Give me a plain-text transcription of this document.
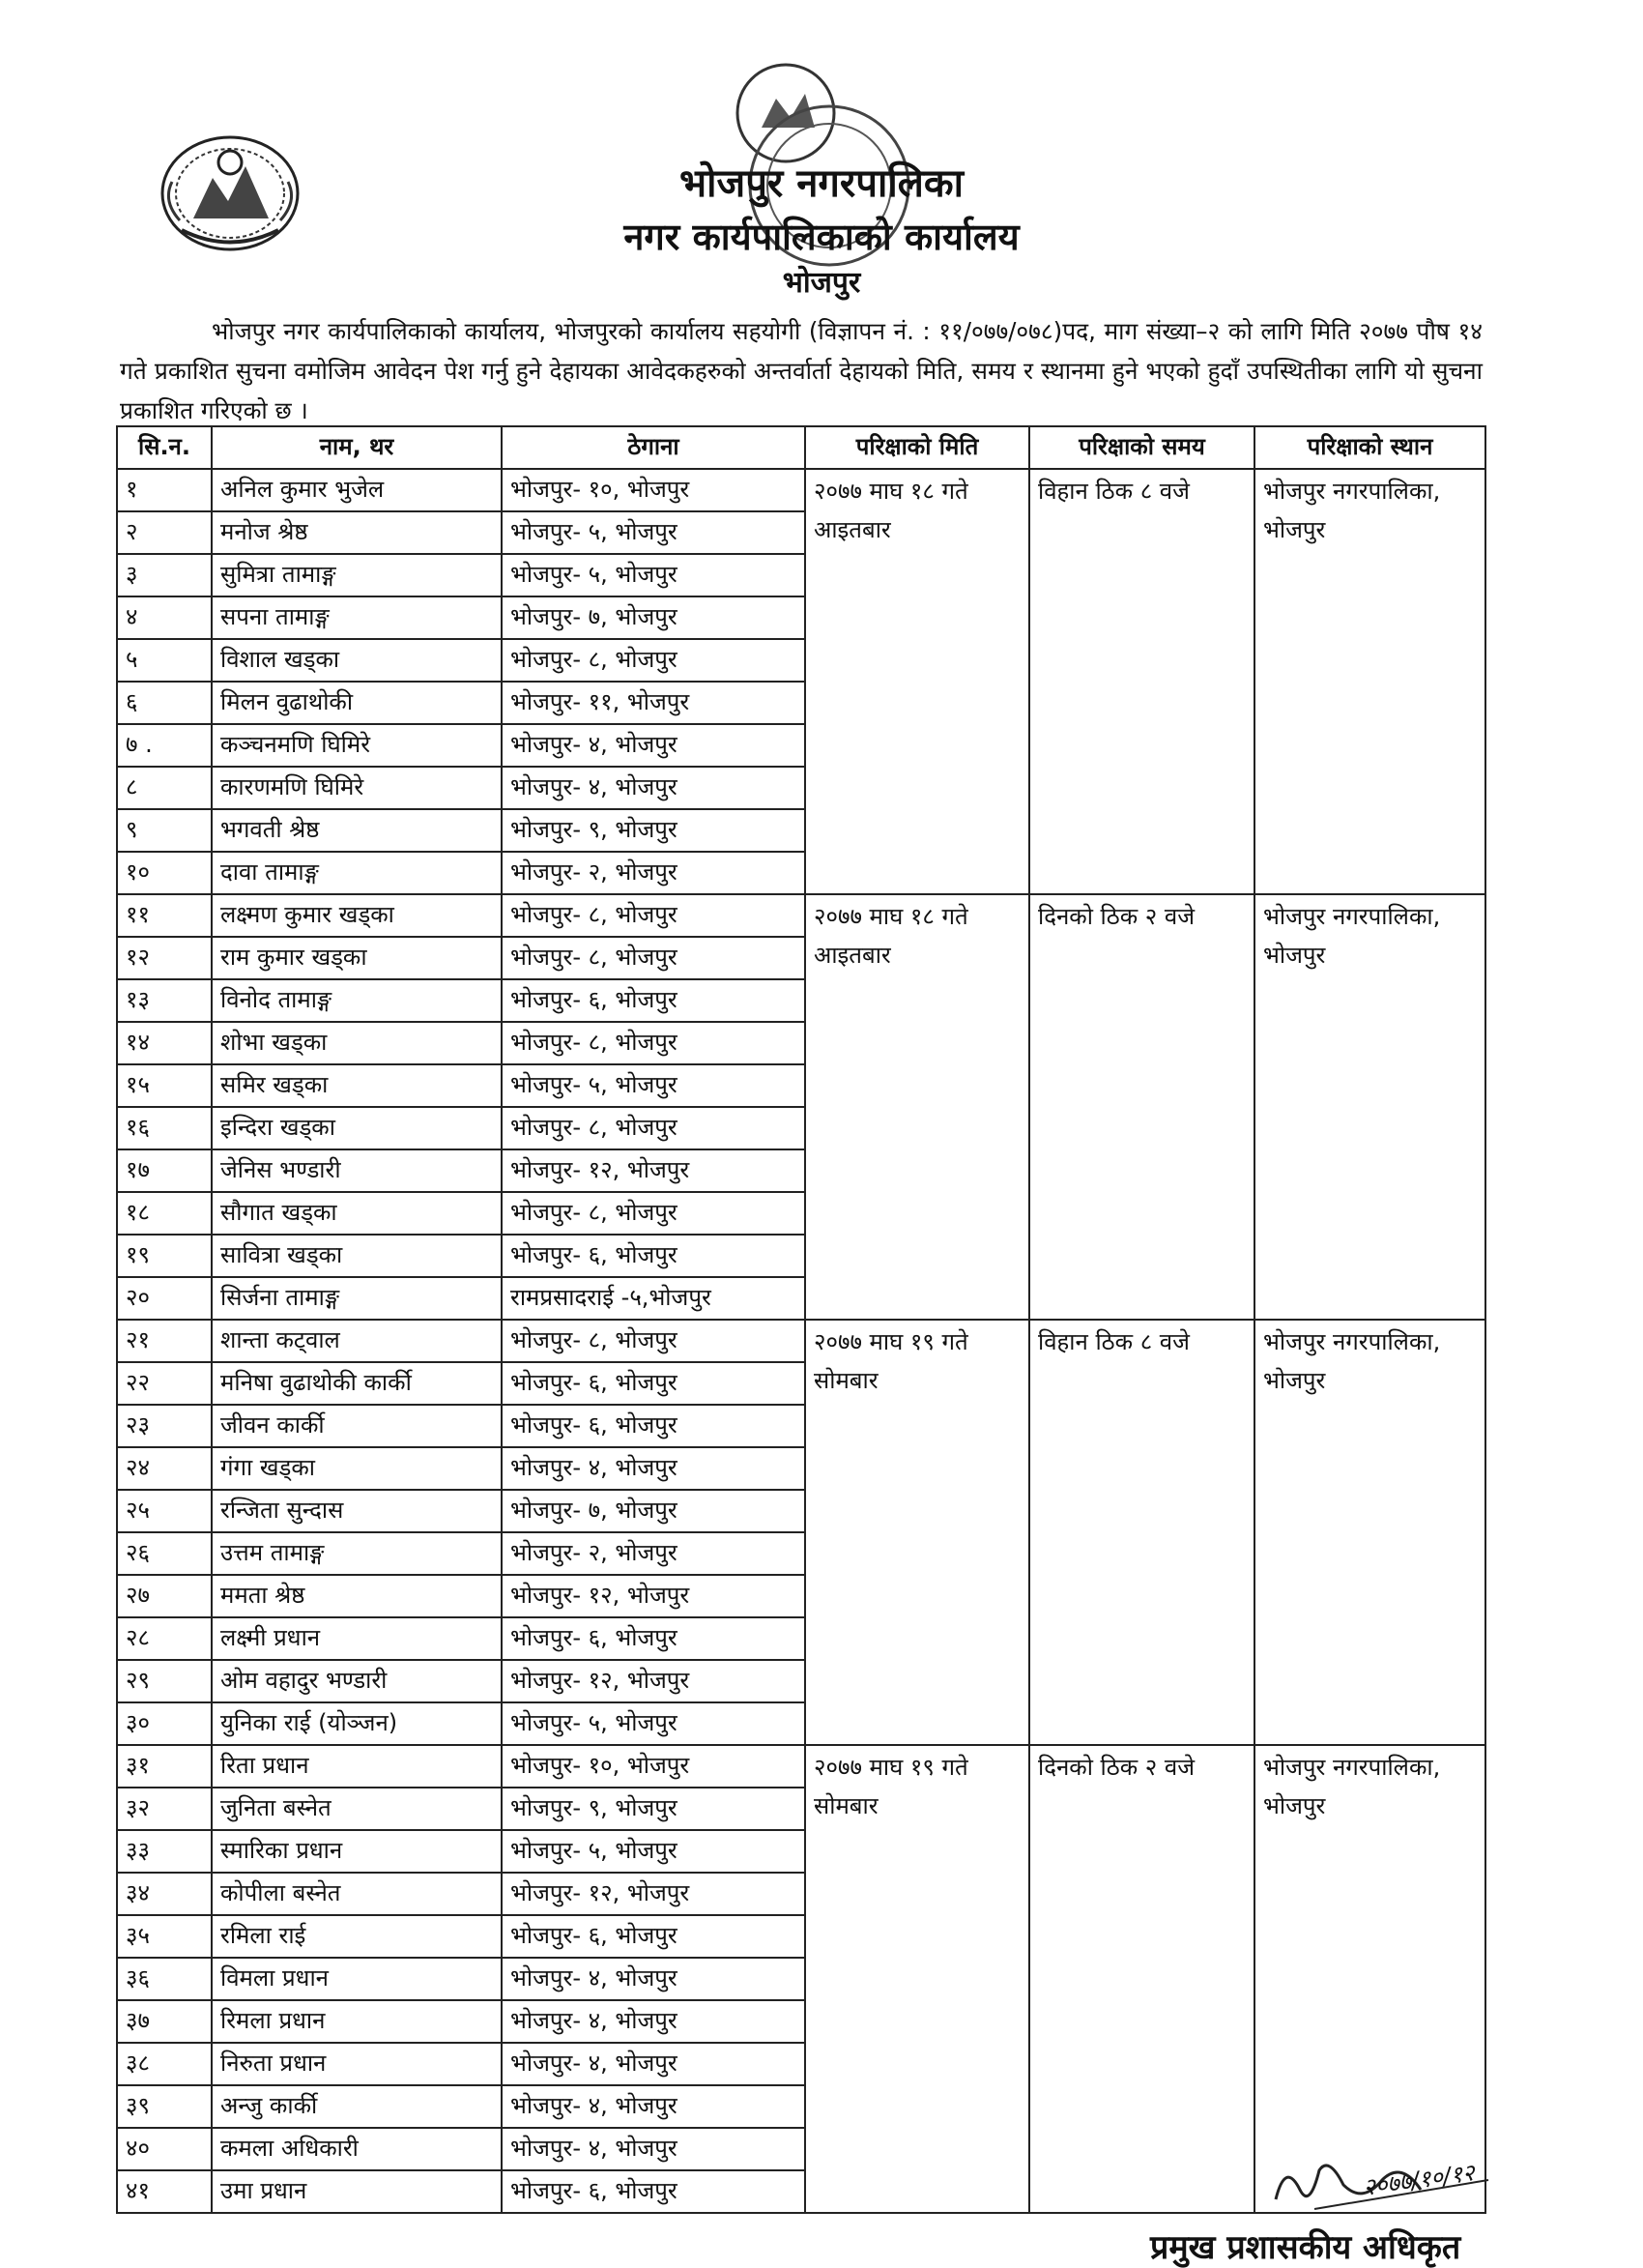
भोजपुर नगरपालिका
नगर कार्यपालिकाको कार्यालय
भोजपुर
भोजपुर नगर कार्यपालिकाको कार्यालय, भोजपुरको कार्यालय सहयोगी (विज्ञापन नं. : ११/०७७/०७८)पद, माग संख्या–२ को लागि मिति २०७७ पौष १४ गते प्रकाशित सुचना वमोजिम आवेदन पेश गर्नु हुने देहायका आवेदकहरुको अन्तर्वार्ता देहायको मिति, समय र स्थानमा हुने भएको हुदाँ उपस्थितीका लागि यो सुचना प्रकाशित गरिएको छ ।
सि.न.	नाम, थर	ठेगाना	परिक्षाको मिति	परिक्षाको समय	परिक्षाको स्थान
१	अनिल कुमार भुजेल	भोजपुर- १०, भोजपुर	२०७७ माघ १८ गते आइतबार	विहान ठिक ८ वजे	भोजपुर नगरपालिका, भोजपुर
२	मनोज श्रेष्ठ	भोजपुर- ५, भोजपुर			
३	सुमित्रा तामाङ्ग	भोजपुर- ५, भोजपुर			
४	सपना तामाङ्ग	भोजपुर- ७, भोजपुर			
५	विशाल खड्का	भोजपुर- ८, भोजपुर			
६	मिलन वुढाथोकी	भोजपुर- ११, भोजपुर			
७ .	कञ्चनमणि घिमिरे	भोजपुर- ४, भोजपुर			
८	कारणमणि घिमिरे	भोजपुर- ४, भोजपुर			
९	भगवती श्रेष्ठ	भोजपुर- ९, भोजपुर			
१०	दावा तामाङ्ग	भोजपुर- २, भोजपुर			
११	लक्ष्मण कुमार खड्का	भोजपुर- ८, भोजपुर	२०७७ माघ १८ गते आइतबार	दिनको ठिक २ वजे	भोजपुर नगरपालिका, भोजपुर
१२	राम कुमार खड्का	भोजपुर- ८, भोजपुर			
१३	विनोद तामाङ्ग	भोजपुर- ६, भोजपुर			
१४	शोभा खड्का	भोजपुर- ८, भोजपुर			
१५	समिर खड्का	भोजपुर- ५, भोजपुर			
१६	इन्दिरा खड्का	भोजपुर- ८, भोजपुर			
१७	जेनिस भण्डारी	भोजपुर- १२, भोजपुर			
१८	सौगात खड्का	भोजपुर- ८, भोजपुर			
१९	सावित्रा खड्का	भोजपुर- ६, भोजपुर			
२०	सिर्जना तामाङ्ग	रामप्रसादराई -५,भोजपुर			
२१	शान्ता कट्वाल	भोजपुर- ८, भोजपुर	२०७७ माघ १९ गते सोमबार	विहान ठिक ८ वजे	भोजपुर नगरपालिका, भोजपुर
२२	मनिषा वुढाथोकी कार्की	भोजपुर- ६, भोजपुर			
२३	जीवन कार्की	भोजपुर- ६, भोजपुर			
२४	गंगा खड्का	भोजपुर- ४, भोजपुर			
२५	रन्जिता सुन्दास	भोजपुर- ७, भोजपुर			
२६	उत्तम तामाङ्ग	भोजपुर- २, भोजपुर			
२७	ममता श्रेष्ठ	भोजपुर- १२, भोजपुर			
२८	लक्ष्मी प्रधान	भोजपुर- ६, भोजपुर			
२९	ओम वहादुर भण्डारी	भोजपुर- १२, भोजपुर			
३०	युनिका राई (योञ्जन)	भोजपुर- ५, भोजपुर			
३१	रिता प्रधान	भोजपुर- १०, भोजपुर	२०७७ माघ १९ गते सोमबार	दिनको ठिक २ वजे	भोजपुर नगरपालिका, भोजपुर
३२	जुनिता बस्नेत	भोजपुर- ९, भोजपुर			
३३	स्मारिका प्रधान	भोजपुर- ५, भोजपुर			
३४	कोपीला बस्नेत	भोजपुर- १२, भोजपुर			
३५	रमिला राई	भोजपुर- ६, भोजपुर			
३६	विमला प्रधान	भोजपुर- ४, भोजपुर			
३७	रिमला प्रधान	भोजपुर- ४, भोजपुर			
३८	निरुता प्रधान	भोजपुर- ४, भोजपुर			
३९	अन्जु कार्की	भोजपुर- ४, भोजपुर			
४०	कमला अधिकारी	भोजपुर- ४, भोजपुर			
४१	उमा प्रधान	भोजपुर- ६, भोजपुर				२०७७/१०/१२
प्रमुख प्रशासकीय अधिकृत
